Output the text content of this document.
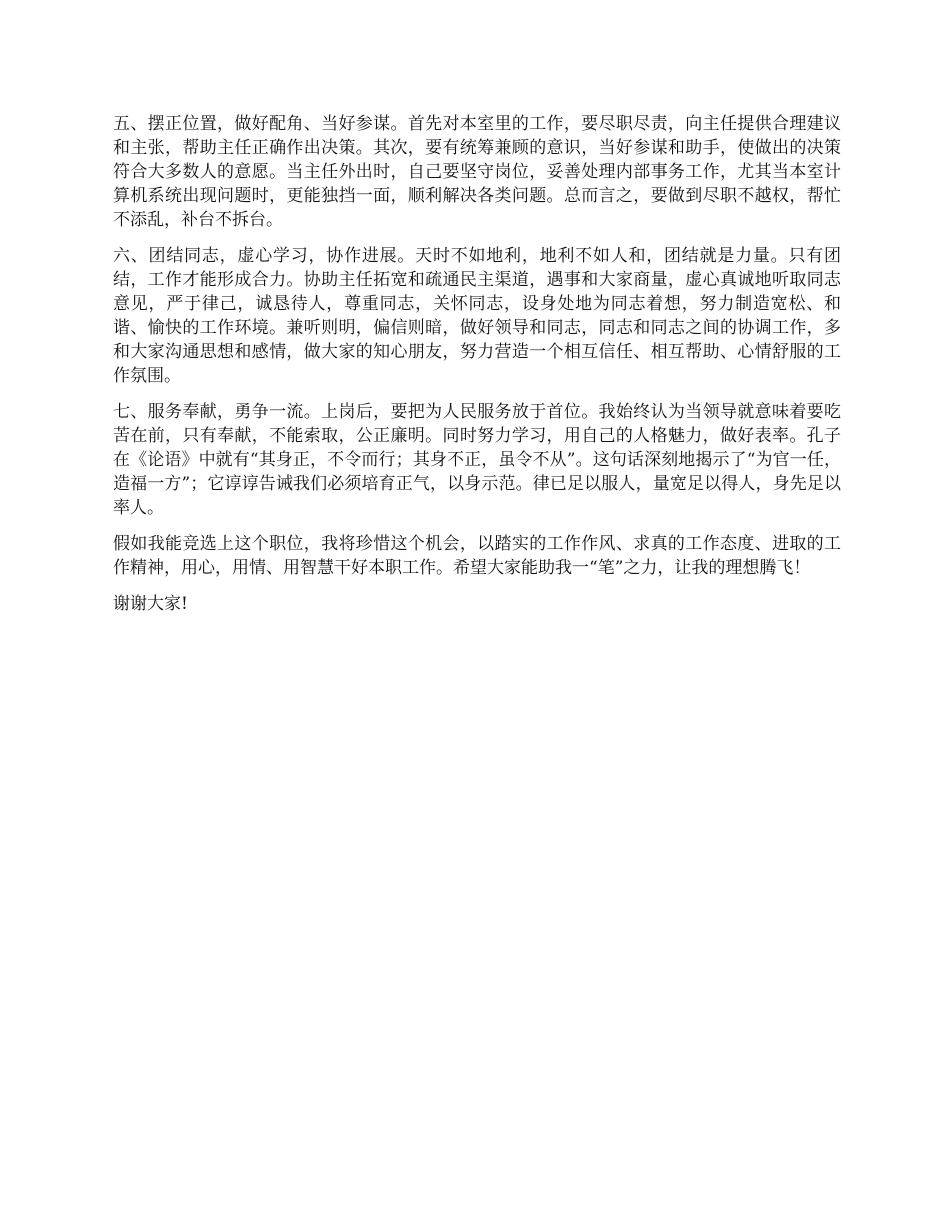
五、摆正位置，做好配角、当好参谋。首先对本室里的工作，要尽职尽责，向主任提供合理建议和主张，帮助主任正确作出决策。其次，要有统筹兼顾的意识，当好参谋和助手，使做出的决策符合大多数人的意愿。当主任外出时，自己要坚守岗位，妥善处理内部事务工作，尤其当本室计算机系统出现问题时，更能独挡一面，顺利解决各类问题。总而言之，要做到尽职不越权，帮忙不添乱，补台不拆台。

六、团结同志，虚心学习，协作进展。天时不如地利，地利不如人和，团结就是力量。只有团结，工作才能形成合力。协助主任拓宽和疏通民主渠道，遇事和大家商量，虚心真诚地听取同志意见，严于律己，诚恳待人，尊重同志，关怀同志，设身处地为同志着想，努力制造宽松、和谐、愉快的工作环境。兼听则明，偏信则暗，做好领导和同志，同志和同志之间的协调工作，多和大家沟通思想和感情，做大家的知心朋友，努力营造一个相互信任、相互帮助、心情舒服的工作氛围。

七、服务奉献，勇争一流。上岗后，要把为人民服务放于首位。我始终认为当领导就意味着要吃苦在前，只有奉献，不能索取，公正廉明。同时努力学习，用自己的人格魅力，做好表率。孔子在《论语》中就有“其身正，不令而行；其身不正，虽令不从”。这句话深刻地揭示了“为官一任，造福一方”；它谆谆告诫我们必须培育正气，以身示范。律已足以服人，量宽足以得人，身先足以率人。

假如我能竞选上这个职位，我将珍惜这个机会，以踏实的工作作风、求真的工作态度、进取的工作精神，用心，用情、用智慧干好本职工作。希望大家能助我一“笔”之力，让我的理想腾飞！

谢谢大家!
